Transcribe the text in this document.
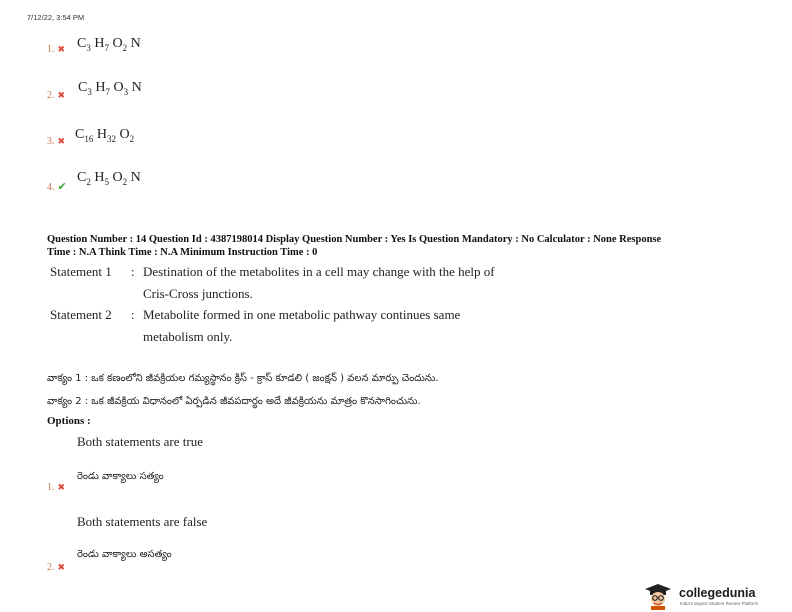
7/12/22, 3:54 PM
1. ✖ $C_3$ $H_7$ $O_2$ N
2. ✖
$C_3$ $H_7$ $O_3$ N
3. ✖ $C_{16}$ $H_{32}$ $O_2$
4. ✔
$C_2$ $H_5$ $O_2$ N
Question Number : 14 Question Id : 4387198014 Display Question Number : Yes Is Question Mandatory : No Calculator : None Response
Time : N.A Think Time : N.A Minimum Instruction Time : 0
Statement 1 : Destination of the metabolites in a cell may change with the help of
Cris-Cross junctions.
Statement 2 : Metabolite formed in one metabolic pathway continues same
metabolism only.
వాక్యం 1 : ఒక కణంలోని జీవక్రియల గమ్యస్థానం క్రిస్ - క్రాస్ కూడలి ( జంక్షన్ ) వలన మార్పు చెందును.
వాక్యం 2 : ఒక జీవక్రియ విధానంలో ఏర్పడిన జీవపదార్థం అదే జీవక్రియను మాత్రం కొనసాగించును.
Options :
Both statements are true
రెండు వాక్యాలు సత్యం
1. ✖
Both statements are false
రెండు వాక్యాలు అసత్యం
2. ✖
collegedunia
India's largest Student Review Platform
